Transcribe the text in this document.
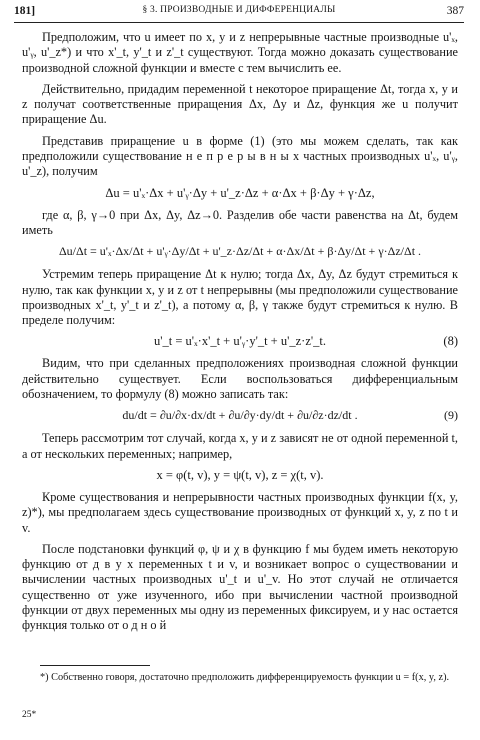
181]	§ 3. ПРОИЗВОДНЫЕ И ДИФФЕРЕНЦИАЛЫ	387

Предположим, что u имеет по x, y и z непрерывные частные производные u'ₓ, u'ᵧ, u'_z*) и что x'_t, y'_t и z'_t существуют. Тогда можно доказать существование производной сложной функции и вместе с тем вычислить ее.

Действительно, придадим переменной t некоторое приращение Δt, тогда x, y и z получат соответственные приращения Δx, Δy и Δz, функция же u получит приращение Δu.

Представив приращение u в форме (1) (это мы можем сделать, так как предположили существование н е п р е р ы в н ы х частных производных u'ₓ, u'ᵧ, u'_z), получим

Δu = u'ₓ·Δx + u'ᵧ·Δy + u'_z·Δz + α·Δx + β·Δy + γ·Δz,

где α, β, γ→0 при Δx, Δy, Δz→0. Разделив обе части равенства на Δt, будем иметь

Δu/Δt = u'ₓ·Δx/Δt + u'ᵧ·Δy/Δt + u'_z·Δz/Δt + α·Δx/Δt + β·Δy/Δt + γ·Δz/Δt .

Устремим теперь приращение Δt к нулю; тогда Δx, Δy, Δz будут стремиться к нулю, так как функции x, y и z от t непрерывны (мы предположили существование производных x'_t, y'_t и z'_t), а потому α, β, γ также будут стремиться к нулю. В пределе получим:

u'_t = u'ₓ·x'_t + u'ᵧ·y'_t + u'_z·z'_t.	(8)

Видим, что при сделанных предположениях производная сложной функции действительно существует. Если воспользоваться дифференциальным обозначением, то формулу (8) можно записать так:

du/dt = ∂u/∂x·dx/dt + ∂u/∂y·dy/dt + ∂u/∂z·dz/dt .	(9)

Теперь рассмотрим тот случай, когда x, y и z зависят не от одной переменной t, а от нескольких переменных; например,

x = φ(t, v), y = ψ(t, v), z = χ(t, v).

Кроме существования и непрерывности частных производных функции f(x, y, z)*), мы предполагаем здесь существование производных от функций x, y, z по t и v.

После подстановки функций φ, ψ и χ в функцию f мы будем иметь некоторую функцию от д в у х переменных t и v, и возникает вопрос о существовании и вычислении частных производных u'_t и u'_v. Но этот случай не отличается существенно от уже изученного, ибо при вычислении частной производной функции от двух переменных мы одну из переменных фиксируем, и у нас остается функция только от о д н о й

*) Собственно говоря, достаточно предположить дифференцируемость функции u = f(x, y, z).
25*
